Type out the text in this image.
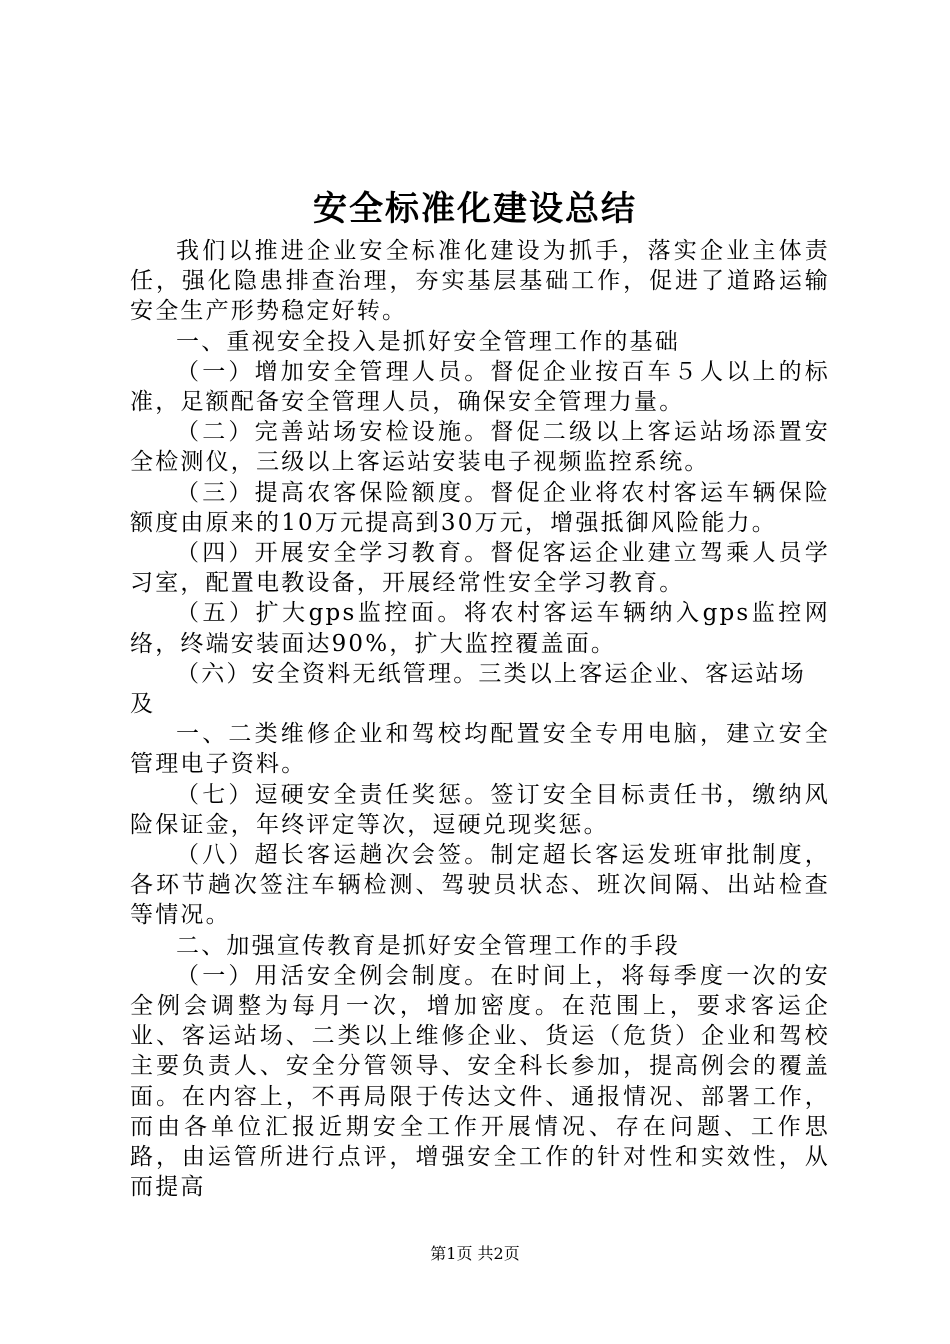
安全标准化建设总结

我们以推进企业安全标准化建设为抓手，落实企业主体责任，强化隐患排查治理，夯实基层基础工作，促进了道路运输安全生产形势稳定好转。

一、重视安全投入是抓好安全管理工作的基础

（一）增加安全管理人员。督促企业按百车５人以上的标准，足额配备安全管理人员，确保安全管理力量。

（二）完善站场安检设施。督促二级以上客运站场添置安全检测仪，三级以上客运站安装电子视频监控系统。

（三）提高农客保险额度。督促企业将农村客运车辆保险额度由原来的10万元提高到30万元，增强抵御风险能力。

（四）开展安全学习教育。督促客运企业建立驾乘人员学习室，配置电教设备，开展经常性安全学习教育。

（五）扩大gps监控面。将农村客运车辆纳入gps监控网络，终端安装面达90%，扩大监控覆盖面。

（六）安全资料无纸管理。三类以上客运企业、客运站场及

一、二类维修企业和驾校均配置安全专用电脑，建立安全管理电子资料。

（七）逗硬安全责任奖惩。签订安全目标责任书，缴纳风险保证金，年终评定等次，逗硬兑现奖惩。

（八）超长客运趟次会签。制定超长客运发班审批制度，各环节趟次签注车辆检测、驾驶员状态、班次间隔、出站检查等情况。

二、加强宣传教育是抓好安全管理工作的手段

（一）用活安全例会制度。在时间上，将每季度一次的安全例会调整为每月一次，增加密度。在范围上，要求客运企业、客运站场、二类以上维修企业、货运（危货）企业和驾校主要负责人、安全分管领导、安全科长参加，提高例会的覆盖面。在内容上，不再局限于传达文件、通报情况、部署工作，而由各单位汇报近期安全工作开展情况、存在问题、工作思路，由运管所进行点评，增强安全工作的针对性和实效性，从而提高

第1页 共2页
